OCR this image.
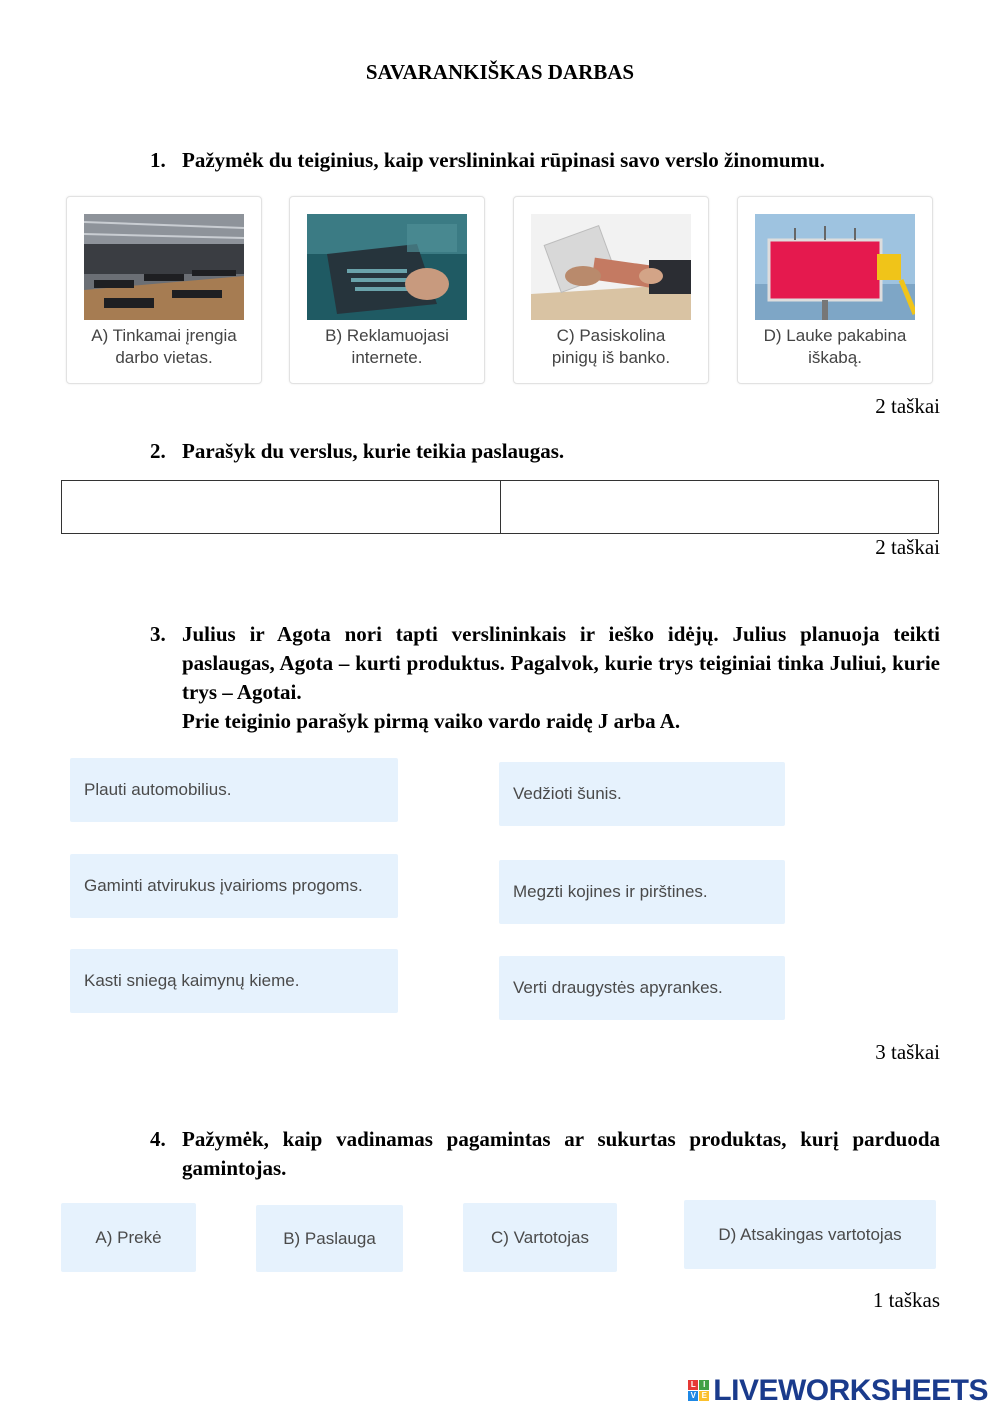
SAVARANKIŠKAS DARBAS
1. Pažymėk du teiginius, kaip verslininkai rūpinasi savo verslo žinomumu.
A) Tinkamai įrengia
darbo vietas.
B) Reklamuojasi
internete.
C) Pasiskolina
pinigų iš banko.
D) Lauke pakabina
iškabą.
2 taškai
2. Parašyk du verslus, kurie teikia paslaugas.
2 taškai
3. Julius ir Agota nori tapti verslininkais ir ieško idėjų. Julius planuoja teikti paslaugas, Agota – kurti produktus. Pagalvok, kurie trys teiginiai tinka Juliui, kurie trys – Agotai.
Prie teiginio parašyk pirmą vaiko vardo raidę J arba A.
Plauti automobilius.	Vedžioti šunis.
Gaminti atvirukus įvairioms progoms.	Megzti kojines ir pirštines.
Kasti sniegą kaimynų kieme.	Verti draugystės apyrankes.
3 taškai
4. Pažymėk, kaip vadinamas pagamintas ar sukurtas produktas, kurį parduoda gamintojas.
A) Prekė	B) Paslauga	C) Vartotojas	D) Atsakingas vartotojas
1 taškas
L I
V E LIVEWORKSHEETS
